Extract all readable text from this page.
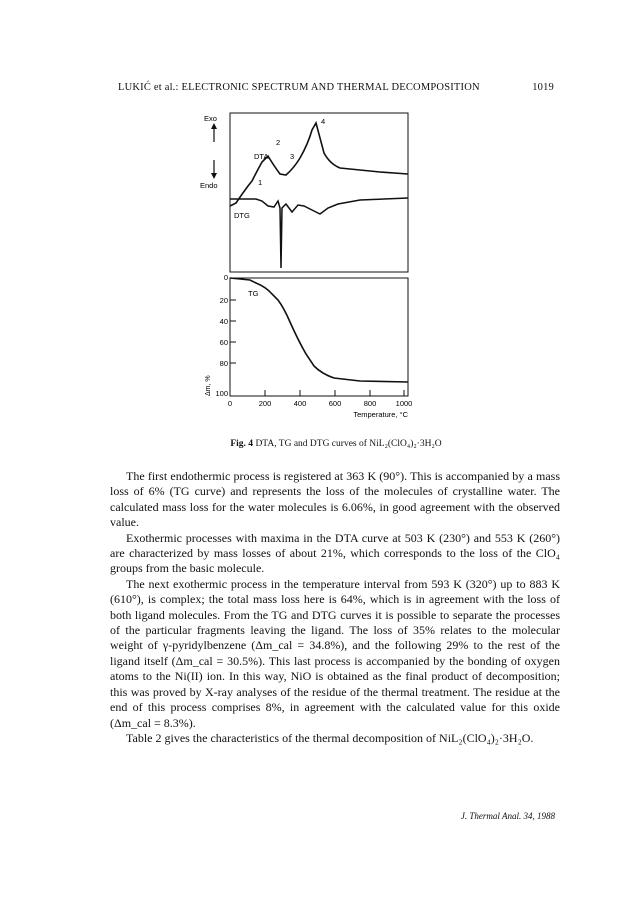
LUKIĆ et al.: ELECTRONIC SPECTRUM AND THERMAL DECOMPOSITION	1019
Exo
Endo
DTA
1
2
3
4
DTG
TG
0
20
40
60
80
100
Δm, %
0	200	400	600	800	1000
Temperature, °C
Fig. 4 DTA, TG and DTG curves of NiL₂(ClO₄)₂·3H₂O

The first endothermic process is registered at 363 K (90°). This is accompanied by a mass loss of 6% (TG curve) and represents the loss of the molecules of crystalline water. The calculated mass loss for the water molecules is 6.06%, in good agreement with the observed value.

Exothermic processes with maxima in the DTA curve at 503 K (230°) and 553 K (260°) are characterized by mass losses of about 21%, which corresponds to the loss of the ClO₄ groups from the basic molecule.

The next exothermic process in the temperature interval from 593 K (320°) up to 883 K (610°), is complex; the total mass loss here is 64%, which is in agreement with the loss of both ligand molecules. From the TG and DTG curves it is possible to separate the processes of the particular fragments leaving the ligand. The loss of 35% relates to the molecular weight of γ-pyridylbenzene (Δm_cal = 34.8%), and the following 29% to the rest of the ligand itself (Δm_cal = 30.5%). This last process is accompanied by the bonding of oxygen atoms to the Ni(II) ion. In this way, NiO is obtained as the final product of decomposition; this was proved by X-ray analyses of the residue of the thermal treatment. The residue at the end of this process comprises 8%, in agreement with the calculated value for this oxide (Δm_cal = 8.3%).

Table 2 gives the characteristics of the thermal decomposition of NiL₂(ClO₄)₂·3H₂O.

J. Thermal Anal. 34, 1988
